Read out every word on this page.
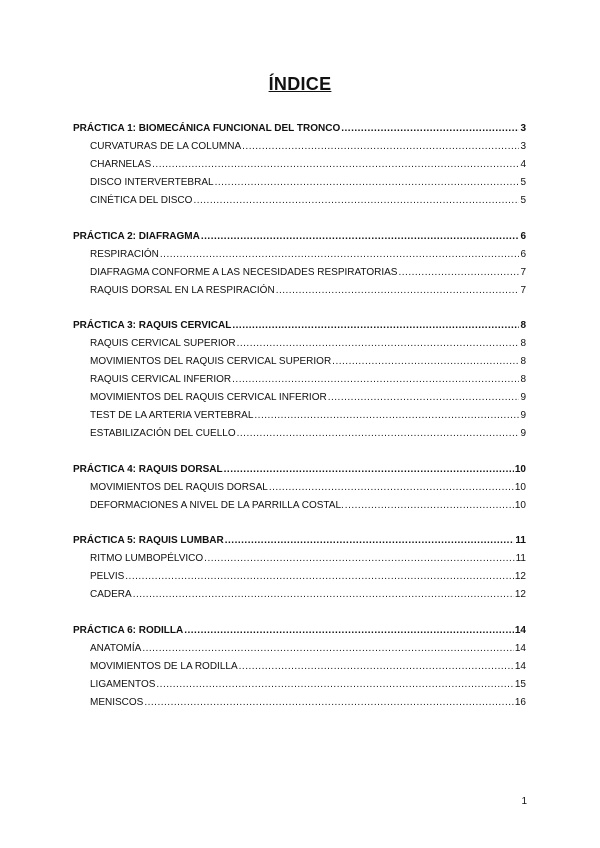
ÍNDICE
PRÁCTICA 1: BIOMECÁNICA FUNCIONAL DEL TRONCO .....	3
CURVATURAS DE LA COLUMNA .....	3
CHARNELAS .....	4
DISCO INTERVERTEBRAL .....	5
CINÉTICA DEL DISCO .....	5
PRÁCTICA 2: DIAFRAGMA .....	6
RESPIRACIÓN .....	6
DIAFRAGMA CONFORME A LAS NECESIDADES RESPIRATORIAS .....	7
RAQUIS DORSAL EN LA RESPIRACIÓN .....	7
PRÁCTICA 3: RAQUIS CERVICAL .....	8
RAQUIS CERVICAL SUPERIOR .....	8
MOVIMIENTOS DEL RAQUIS CERVICAL SUPERIOR .....	8
RAQUIS CERVICAL INFERIOR .....	8
MOVIMIENTOS DEL RAQUIS CERVICAL INFERIOR .....	9
TEST DE LA ARTERIA VERTEBRAL .....	9
ESTABILIZACIÓN DEL CUELLO .....	9
PRÁCTICA 4: RAQUIS DORSAL .....	10
MOVIMIENTOS DEL RAQUIS DORSAL .....	10
DEFORMACIONES A NIVEL DE LA PARRILLA COSTAL. .....	10
PRÁCTICA 5: RAQUIS LUMBAR .....	11
RITMO LUMBOPÉLVICO .....	11
PELVIS .....	12
CADERA .....	12
PRÁCTICA 6: RODILLA .....	14
ANATOMÍA .....	14
MOVIMIENTOS DE LA RODILLA .....	14
LIGAMENTOS .....	15
MENISCOS .....	16
1
